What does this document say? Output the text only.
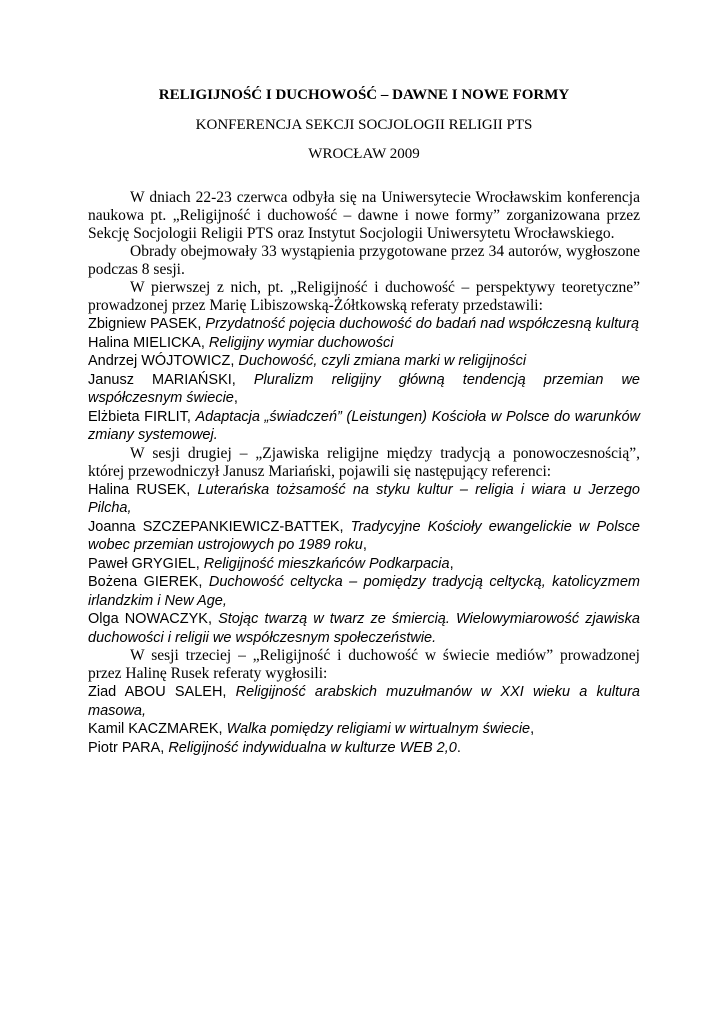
RELIGIJNOŚĆ I DUCHOWOŚĆ – DAWNE I NOWE FORMY
KONFERENCJA SEKCJI SOCJOLOGII RELIGII PTS
WROCŁAW 2009

W dniach 22-23 czerwca odbyła się na Uniwersytecie Wrocławskim konferencja naukowa pt. „Religijność i duchowość – dawne i nowe formy” zorganizowana przez Sekcję Socjologii Religii PTS oraz Instytut Socjologii Uniwersytetu Wrocławskiego.

Obrady obejmowały 33 wystąpienia przygotowane przez 34 autorów, wygłoszone podczas 8 sesji.

W pierwszej z nich, pt. „Religijność i duchowość – perspektywy teoretyczne” prowadzonej przez Marię Libiszowską-Żółtkowską referaty przedstawili:

Zbigniew PASEK, Przydatność pojęcia duchowość do badań nad współczesną kulturą

Halina MIELICKA, Religijny wymiar duchowości

Andrzej WÓJTOWICZ, Duchowość, czyli zmiana marki w religijności

Janusz MARIAŃSKI, Pluralizm religijny główną tendencją przemian we współczesnym świecie,

Elżbieta FIRLIT, Adaptacja „świadczeń” (Leistungen) Kościoła w Polsce do warunków zmiany systemowej.

W sesji drugiej – „Zjawiska religijne między tradycją a ponowoczesnością”, której przewodniczył Janusz Mariański, pojawili się następujący referenci:

Halina RUSEK, Luterańska tożsamość na styku kultur – religia i wiara u Jerzego Pilcha,

Joanna SZCZEPANKIEWICZ-BATTEK, Tradycyjne Kościoły ewangelickie w Polsce wobec przemian ustrojowych po 1989 roku,

Paweł GRYGIEL, Religijność mieszkańców Podkarpacia,

Bożena GIEREK, Duchowość celtycka – pomiędzy tradycją celtycką, katolicyzmem irlandzkim i New Age,

Olga NOWACZYK, Stojąc twarzą w twarz ze śmiercią. Wielowymiarowość zjawiska duchowości i religii we współczesnym społeczeństwie.

W sesji trzeciej – „Religijność i duchowość w świecie mediów” prowadzonej przez Halinę Rusek referaty wygłosili:

Ziad ABOU SALEH, Religijność arabskich muzułmanów w XXI wieku a kultura masowa,

Kamil KACZMAREK, Walka pomiędzy religiami w wirtualnym świecie,

Piotr PARA, Religijność indywidualna w kulturze WEB 2,0.
